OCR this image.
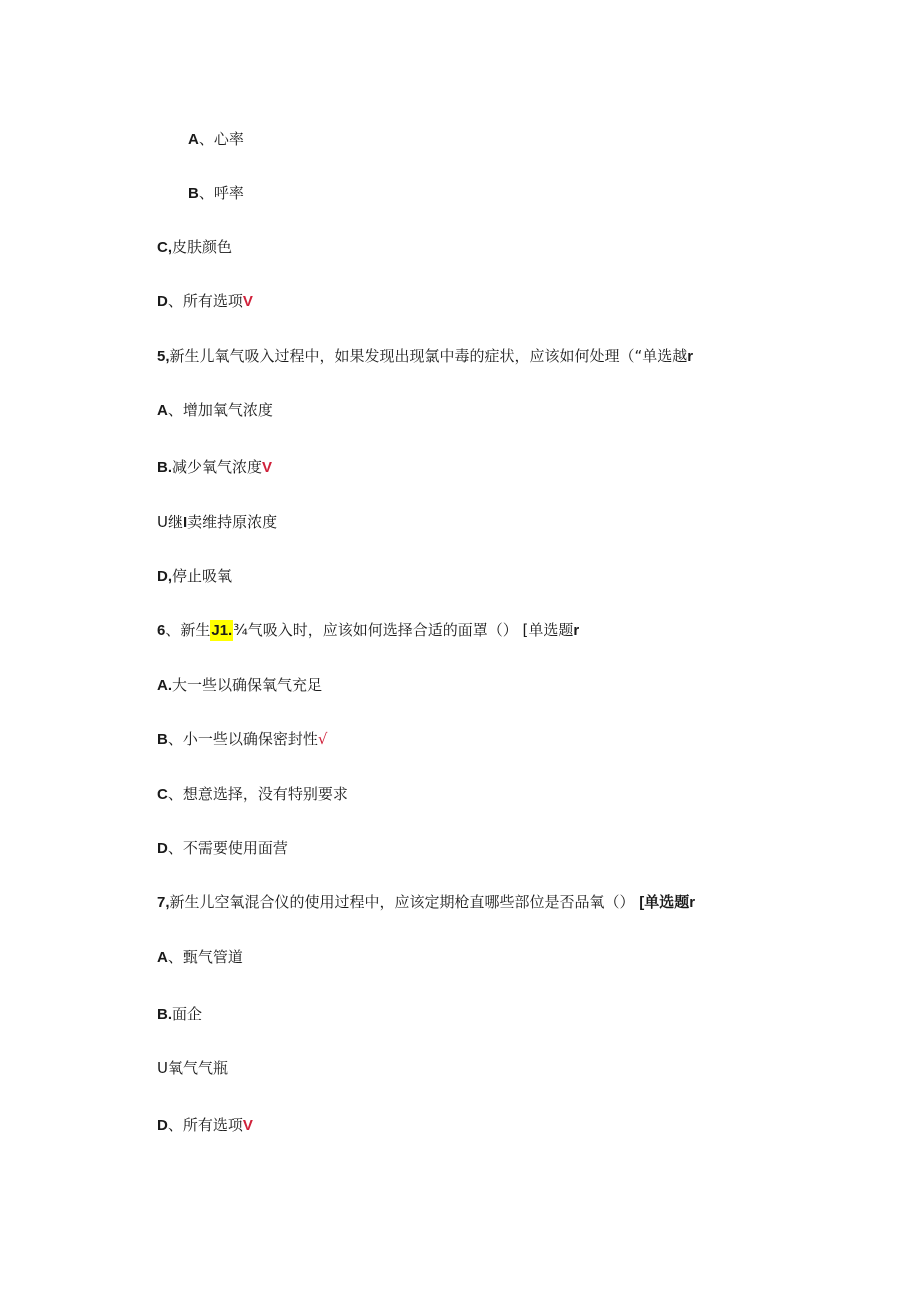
A、心率
B、呼率
C,皮肤颜色
D、所有选项V
5,新生儿氧气吸入过程中，如果发现出现氯中毒的症状，应该如何处理（“单选越r
A、增加氧气浓度
B.减少氧气浓度V
U继I卖维持原浓度
D,停止吸氧
6、新生J1.¾气吸入时，应该如何选择合适的面罩（） [单选题r
A.大一些以确保氧气充足
B、小一些以确保密封性√
C、想意选择，没有特别要求
D、不需要使用面营
7,新生儿空氧混合仪的使用过程中，应该定期枪直哪些部位是否品氧（） [单选题r
A、甄气管道
B.面企
U氧气气瓶
D、所有选项V
